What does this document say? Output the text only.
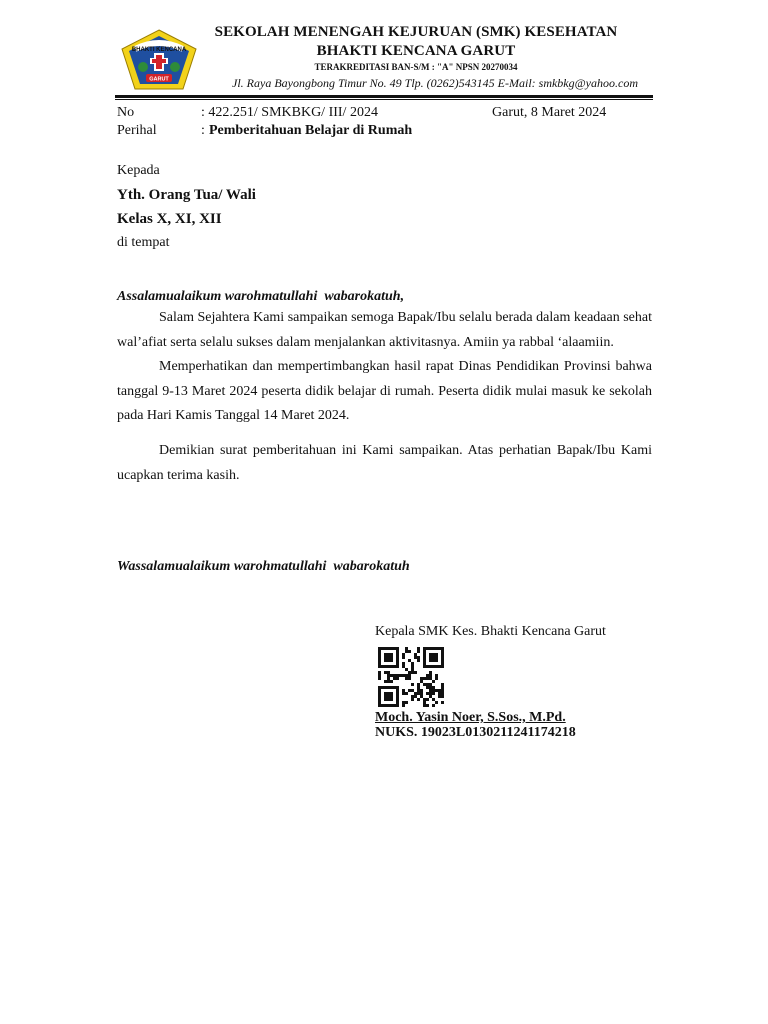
BHAKTI KENCANA
GARUT
SEKOLAH MENENGAH KEJURUAN (SMK) KESEHATAN
BHAKTI KENCANA GARUT
TERAKREDITASI BAN-S/M : "A" NPSN 20270034
Jl. Raya Bayongbong Timur No. 49 Tlp. (0262)543145 E-Mail: smkbkg@yahoo.com
No	: 422.251/ SMKBKG/ III/ 2024	Garut, 8 Maret 2024
Perihal	: Pemberitahuan Belajar di Rumah
Kepada
Yth. Orang Tua/ Wali
Kelas X, XI, XII
di tempat
Assalamualaikum warohmatullahi  wabarokatuh,
Salam Sejahtera Kami sampaikan semoga Bapak/Ibu selalu berada dalam keadaan sehat wal’afiat serta selalu sukses dalam menjalankan aktivitasnya. Amiin ya rabbal ‘alaamiin.
Memperhatikan dan mempertimbangkan hasil rapat Dinas Pendidikan Provinsi bahwa tanggal 9-13 Maret 2024 peserta didik belajar di rumah. Peserta didik mulai masuk ke sekolah pada Hari Kamis Tanggal 14 Maret 2024.
Demikian surat pemberitahuan ini Kami sampaikan. Atas perhatian Bapak/Ibu Kami ucapkan terima kasih.
Wassalamualaikum warohmatullahi  wabarokatuh
Kepala SMK Kes. Bhakti Kencana Garut
Moch. Yasin Noer, S.Sos., M.Pd.
NUKS. 19023L0130211241174218
